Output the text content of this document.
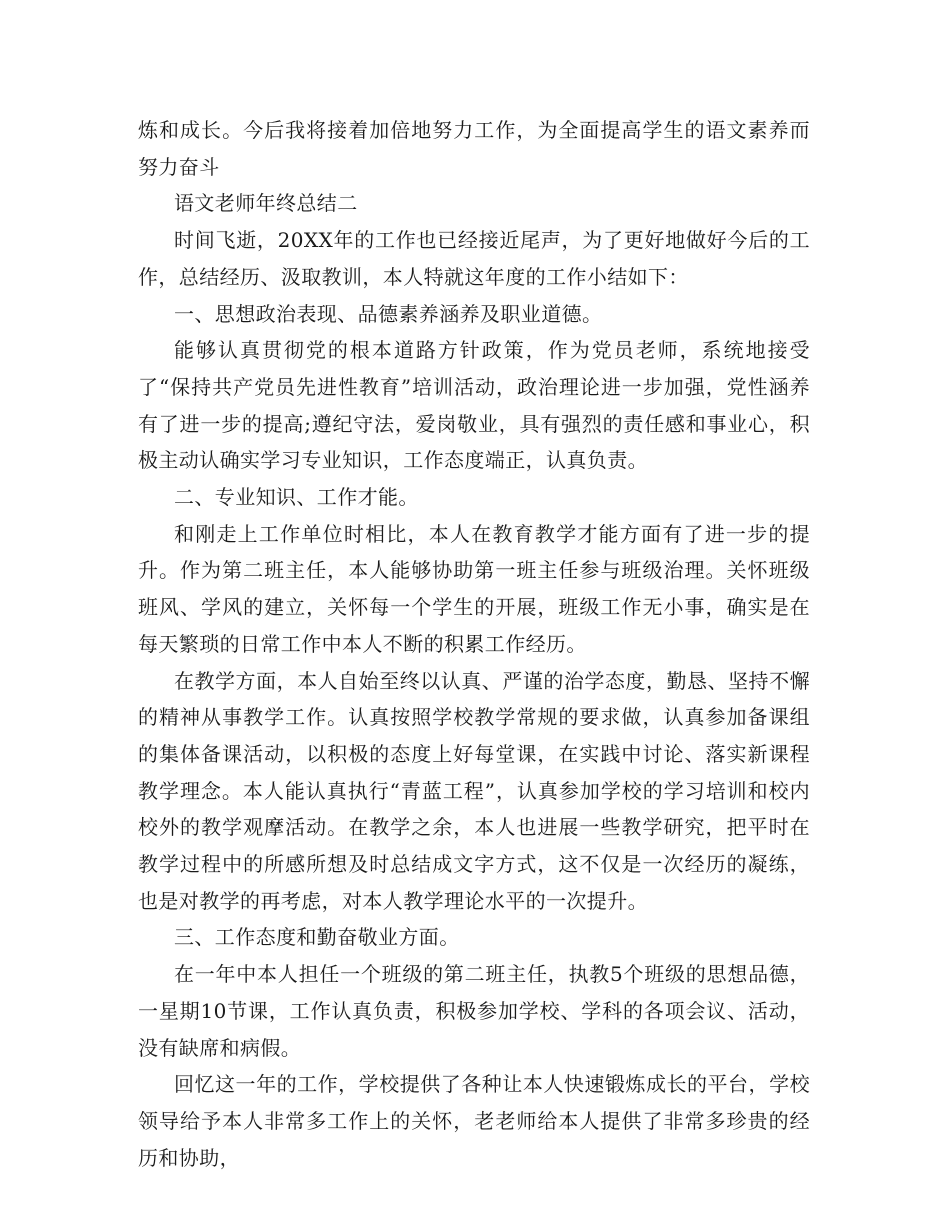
炼和成长。今后我将接着加倍地努力工作，为全面提高学生的语文素养而努力奋斗

语文老师年终总结二

时间飞逝，20XX年的工作也已经接近尾声，为了更好地做好今后的工作，总结经历、汲取教训，本人特就这年度的工作小结如下：

一、思想政治表现、品德素养涵养及职业道德。

能够认真贯彻党的根本道路方针政策，作为党员老师，系统地接受了“保持共产党员先进性教育”培训活动，政治理论进一步加强，党性涵养有了进一步的提高;遵纪守法，爱岗敬业，具有强烈的责任感和事业心，积极主动认确实学习专业知识，工作态度端正，认真负责。

二、专业知识、工作才能。

和刚走上工作单位时相比，本人在教育教学才能方面有了进一步的提升。作为第二班主任，本人能够协助第一班主任参与班级治理。关怀班级班风、学风的建立，关怀每一个学生的开展，班级工作无小事，确实是在每天繁琐的日常工作中本人不断的积累工作经历。

在教学方面，本人自始至终以认真、严谨的治学态度，勤恳、坚持不懈的精神从事教学工作。认真按照学校教学常规的要求做，认真参加备课组的集体备课活动，以积极的态度上好每堂课，在实践中讨论、落实新课程教学理念。本人能认真执行“青蓝工程”，认真参加学校的学习培训和校内校外的教学观摩活动。在教学之余，本人也进展一些教学研究，把平时在教学过程中的所感所想及时总结成文字方式，这不仅是一次经历的凝练，也是对教学的再考虑，对本人教学理论水平的一次提升。

三、工作态度和勤奋敬业方面。

在一年中本人担任一个班级的第二班主任，执教5个班级的思想品德，一星期10节课，工作认真负责，积极参加学校、学科的各项会议、活动，没有缺席和病假。

回忆这一年的工作，学校提供了各种让本人快速锻炼成长的平台，学校领导给予本人非常多工作上的关怀，老老师给本人提供了非常多珍贵的经历和协助，
